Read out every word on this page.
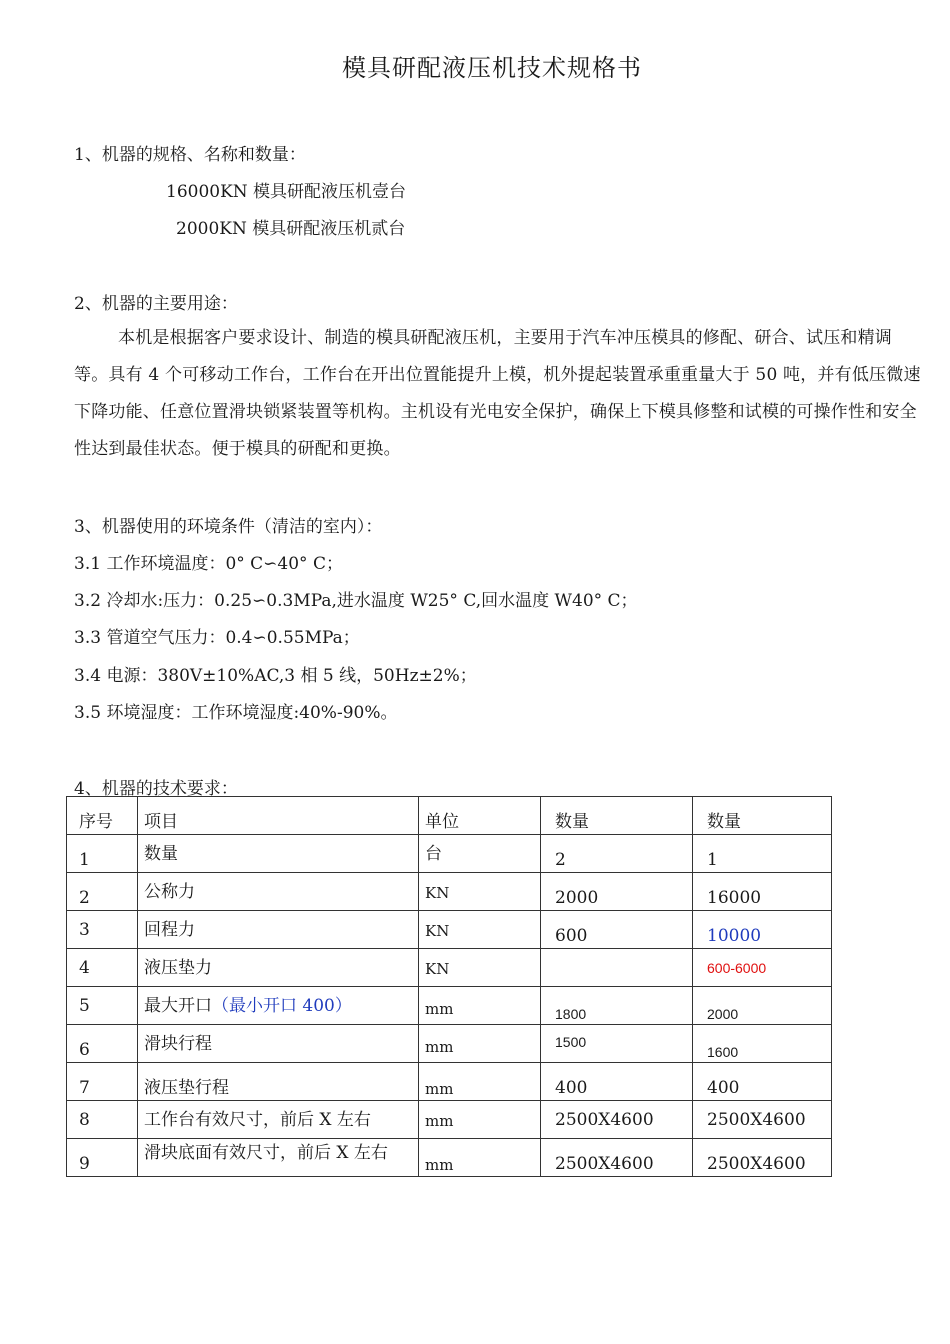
模具研配液压机技术规格书
1、机器的规格、名称和数量：
16000KN 模具研配液压机壹台
2000KN 模具研配液压机贰台
2、机器的主要用途：
本机是根据客户要求设计、制造的模具研配液压机，主要用于汽车冲压模具的修配、研合、试压和精调等。具有 4 个可移动工作台，工作台在开出位置能提升上模，机外提起装置承重重量大于 50 吨，并有低压微速下降功能、任意位置滑块锁紧装置等机构。主机设有光电安全保护，确保上下模具修整和试模的可操作性和安全性达到最佳状态。便于模具的研配和更换。
3、机器使用的环境条件（清洁的室内）：
3.1 工作环境温度：0° C∽40° C；
3.2 冷却水:压力：0.25∽0.3MPa,进水温度 W25° C,回水温度 W40° C；
3.3 管道空气压力：0.4∽0.55MPa；
3.4 电源：380V±10%AC,3 相 5 线，50Hz±2%；
3.5 环境湿度：工作环境湿度:40%-90%。
4、机器的技术要求：
序号	项目	单位	数量	数量

1	数量	台	2	1

2	公称力	KN	2000	16000

3	回程力	KN	600	10000

4	液压垫力	KN		600-6000

5	最大开口（最小开口 400）	mm	1800	2000

6	滑块行程	mm	1500	1600

7	液压垫行程	mm	400	400

8	工作台有效尺寸，前后 X 左右	mm	2500X4600	2500X4600

9	滑块底面有效尺寸，前后 X 左右	mm	2500X4600	2500X4600
